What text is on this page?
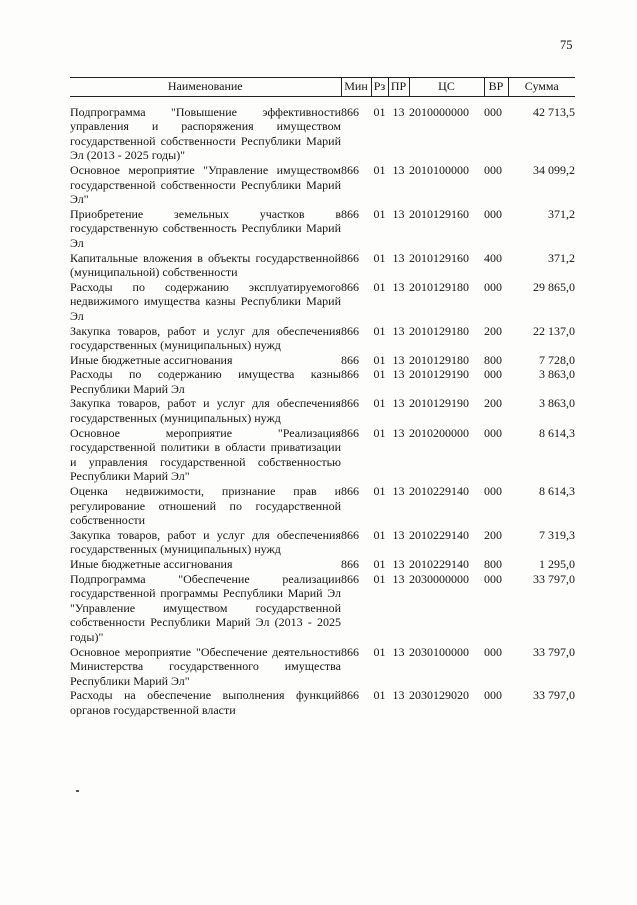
75
Наименование	Мин	Рз	ПР	ЦС	ВР	Сумма
Подпрограмма "Повышение эффективности управления и распоряжения имуществом государственной собственности Республики Марий Эл (2013 - 2025 годы)"	866	01	13	2010000000	000	42 713,5
Основное мероприятие "Управление имуществом государственной собственности Республики Марий Эл"	866	01	13	2010100000	000	34 099,2
Приобретение земельных участков в государственную собственность Республики Марий Эл	866	01	13	2010129160	000	371,2
Капитальные вложения в объекты государственной (муниципальной) собственности	866	01	13	2010129160	400	371,2
Расходы по содержанию эксплуатируемого недвижимого имущества казны Республики Марий Эл	866	01	13	2010129180	000	29 865,0
Закупка товаров, работ и услуг для обеспечения государственных (муниципальных) нужд	866	01	13	2010129180	200	22 137,0
Иные бюджетные ассигнования	866	01	13	2010129180	800	7 728,0
Расходы по содержанию имущества казны Республики Марий Эл	866	01	13	2010129190	000	3 863,0
Закупка товаров, работ и услуг для обеспечения государственных (муниципальных) нужд	866	01	13	2010129190	200	3 863,0
Основное мероприятие "Реализация государственной политики в области приватизации и управления государственной собственностью Республики Марий Эл"	866	01	13	2010200000	000	8 614,3
Оценка недвижимости, признание прав и регулирование отношений по государственной собственности	866	01	13	2010229140	000	8 614,3
Закупка товаров, работ и услуг для обеспечения государственных (муниципальных) нужд	866	01	13	2010229140	200	7 319,3
Иные бюджетные ассигнования	866	01	13	2010229140	800	1 295,0
Подпрограмма "Обеспечение реализации государственной программы Республики Марий Эл "Управление имуществом государственной собственности Республики Марий Эл (2013 - 2025 годы)"	866	01	13	2030000000	000	33 797,0
Основное мероприятие "Обеспечение деятельности Министерства государственного имущества Республики Марий Эл"	866	01	13	2030100000	000	33 797,0
Расходы на обеспечение выполнения функций органов государственной власти	866	01	13	2030129020	000	33 797,0
